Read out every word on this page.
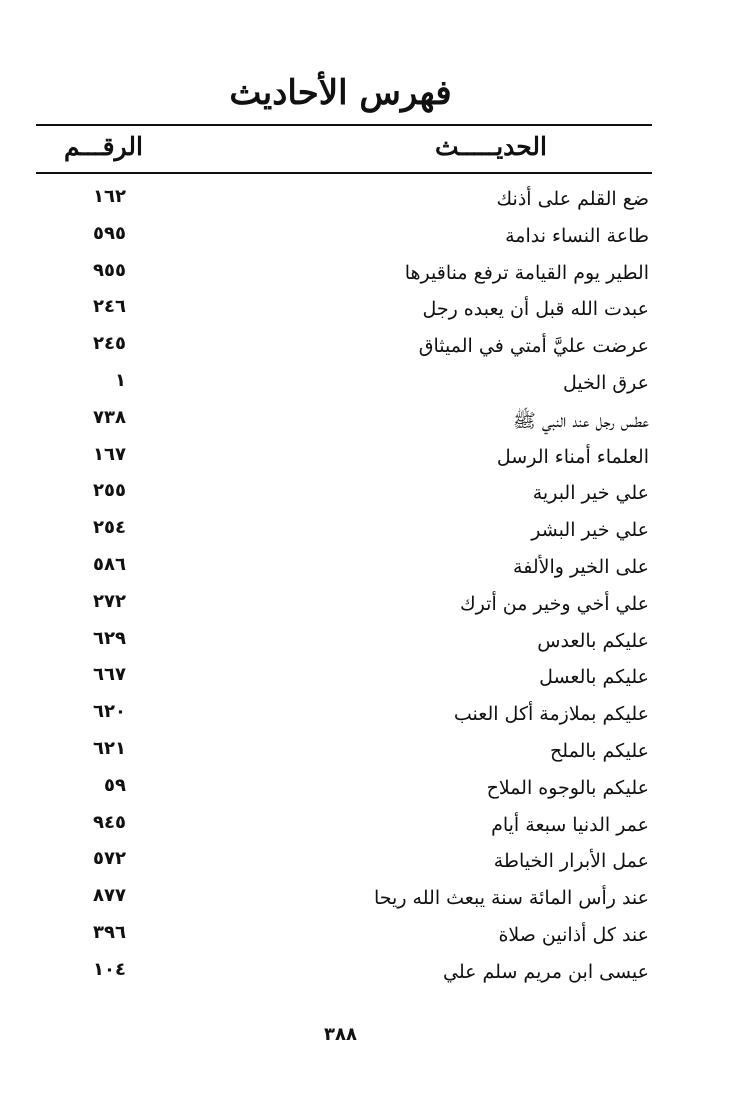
فهرس الأحاديث
الحديـــــث
الرقـــم
ضع القلم على أذنك
١٦٢
طاعة النساء ندامة
٥٩٥
الطير يوم القيامة ترفع مناقيرها
٩٥٥
عبدت الله قبل أن يعبده رجل
٢٤٦
عرضت عليَّ أمتي في الميثاق
٢٤٥
عرق الخيل
١
عطس رجل عند النبي ﷺ
٧٣٨
العلماء أمناء الرسل
١٦٧
علي خير البرية
٢٥٥
علي خير البشر
٢٥٤
على الخير والألفة
٥٨٦
علي أخي وخير من أترك
٢٧٢
عليكم بالعدس
٦٢٩
عليكم بالعسل
٦٦٧
عليكم بملازمة أكل العنب
٦٢٠
عليكم بالملح
٦٢١
عليكم بالوجوه الملاح
٥٩
عمر الدنيا سبعة أيام
٩٤٥
عمل الأبرار الخياطة
٥٧٢
عند رأس المائة سنة يبعث الله ريحا
٨٧٧
عند كل أذانين صلاة
٣٩٦
عيسى ابن مريم سلم علي
١٠٤
٣٨٨
